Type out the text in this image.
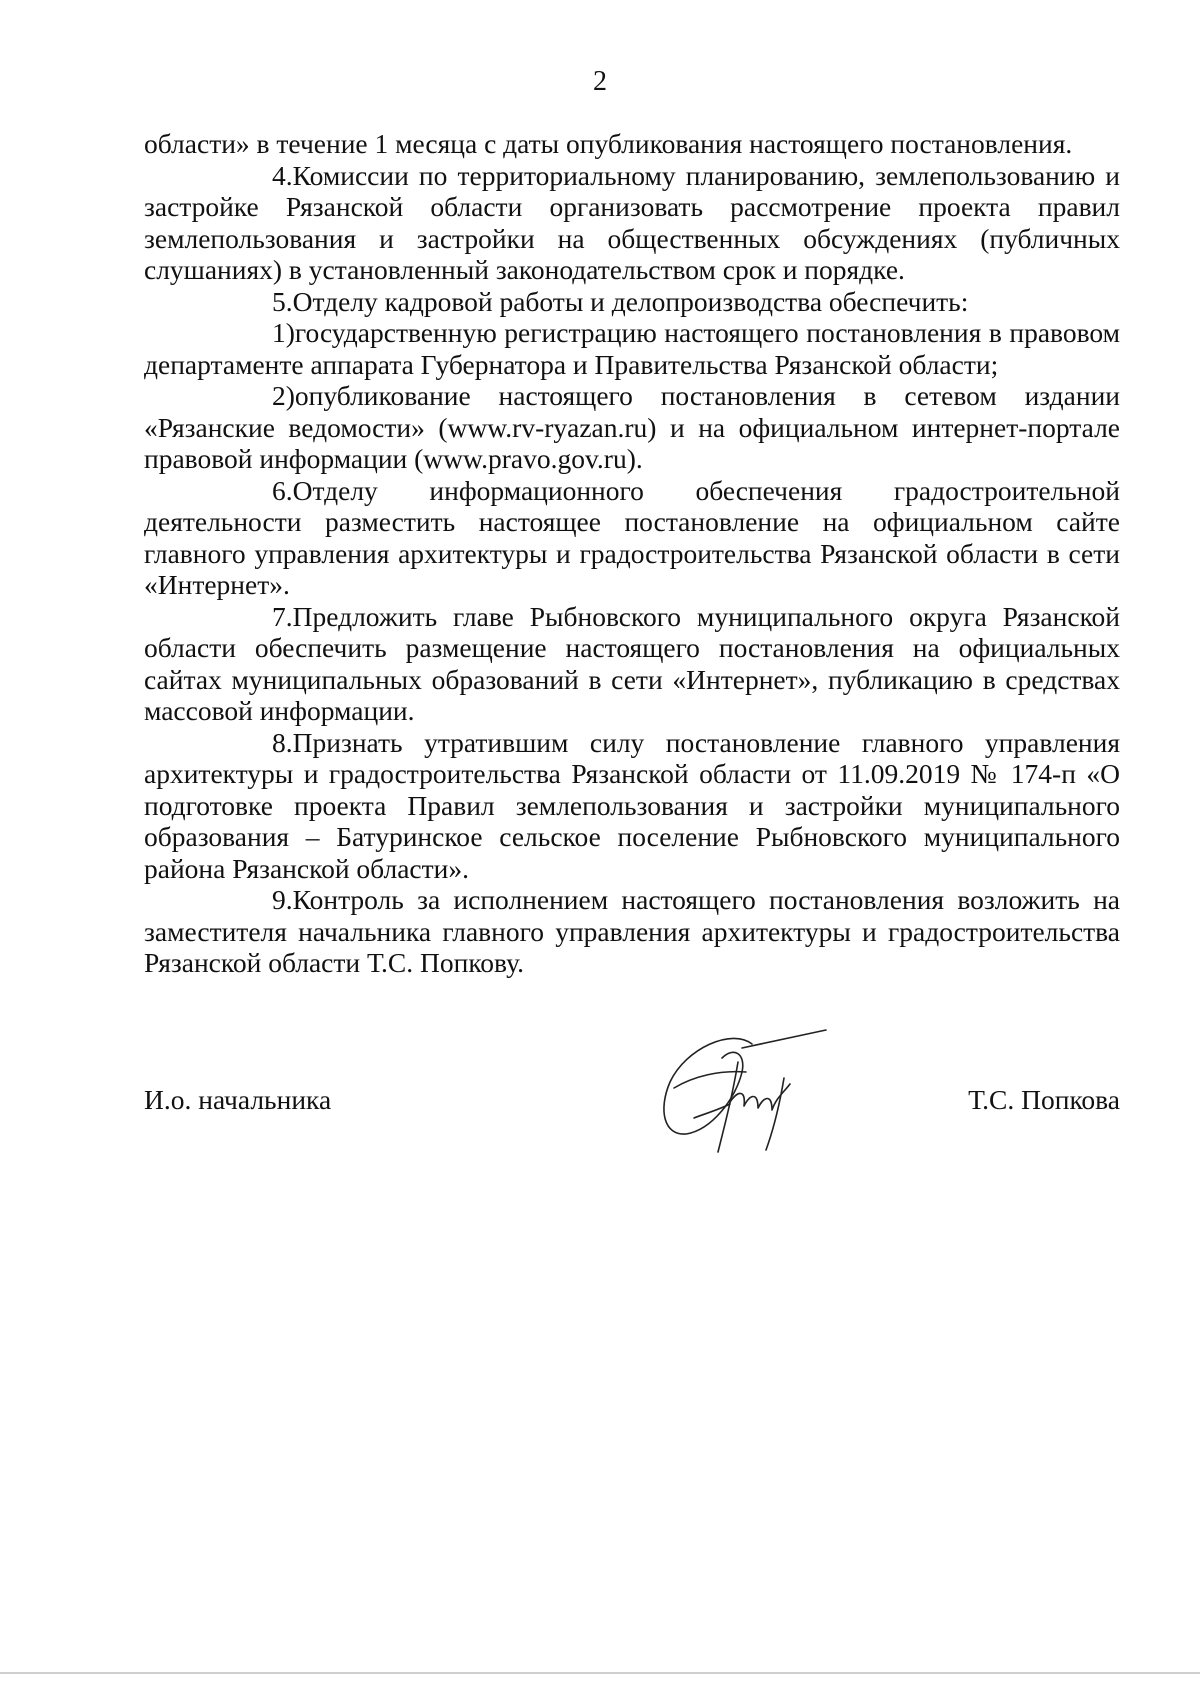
2

области» в течение 1 месяца с даты опубликования настоящего постановления.

4.Комиссии по территориальному планированию, землепользованию и застройке Рязанской области организовать рассмотрение проекта правил землепользования и застройки на общественных обсуждениях (публичных слушаниях) в установленный законодательством срок и порядке.

5.Отделу кадровой работы и делопроизводства обеспечить:

1)государственную регистрацию настоящего постановления в правовом департаменте аппарата Губернатора и Правительства Рязанской области;

2)опубликование настоящего постановления в сетевом издании «Рязанские ведомости» (www.rv-ryazan.ru) и на официальном интернет-портале правовой информации (www.pravo.gov.ru).

6.Отделу информационного обеспечения градостроительной деятельности разместить настоящее постановление на официальном сайте главного управления архитектуры и градостроительства Рязанской области в сети «Интернет».

7.Предложить главе Рыбновского муниципального округа Рязанской области обеспечить размещение настоящего постановления на официальных сайтах муниципальных образований в сети «Интернет», публикацию в средствах массовой информации.

8.Признать утратившим силу постановление главного управления архитектуры и градостроительства Рязанской области от 11.09.2019 № 174-п «О подготовке проекта Правил землепользования и застройки муниципального образования – Батуринское сельское поселение Рыбновского муниципального района Рязанской области».

9.Контроль за исполнением настоящего постановления возложить на заместителя начальника главного управления архитектуры и градостроительства Рязанской области Т.С. Попкову.

И.о. начальника	Т.С. Попкова
